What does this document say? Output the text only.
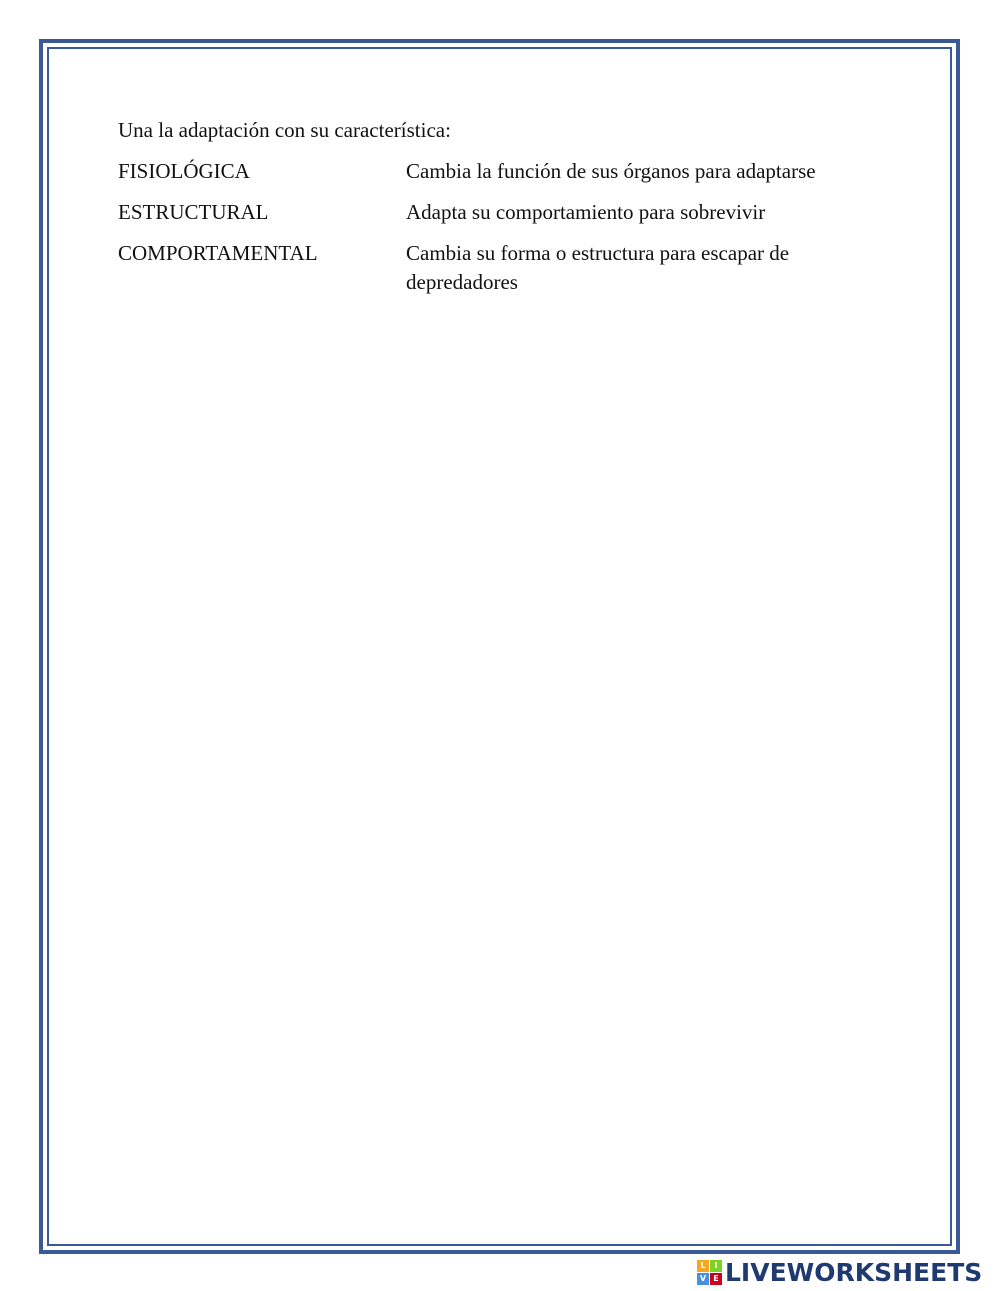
Una la adaptación con su característica:

FISIOLÓGICA	Cambia la función de sus órganos para adaptarse
ESTRUCTURAL	Adapta su comportamiento para sobrevivir
COMPORTAMENTAL	Cambia su forma o estructura para escapar de depredadores
L	I
V E LIVEWORKSHEETS
